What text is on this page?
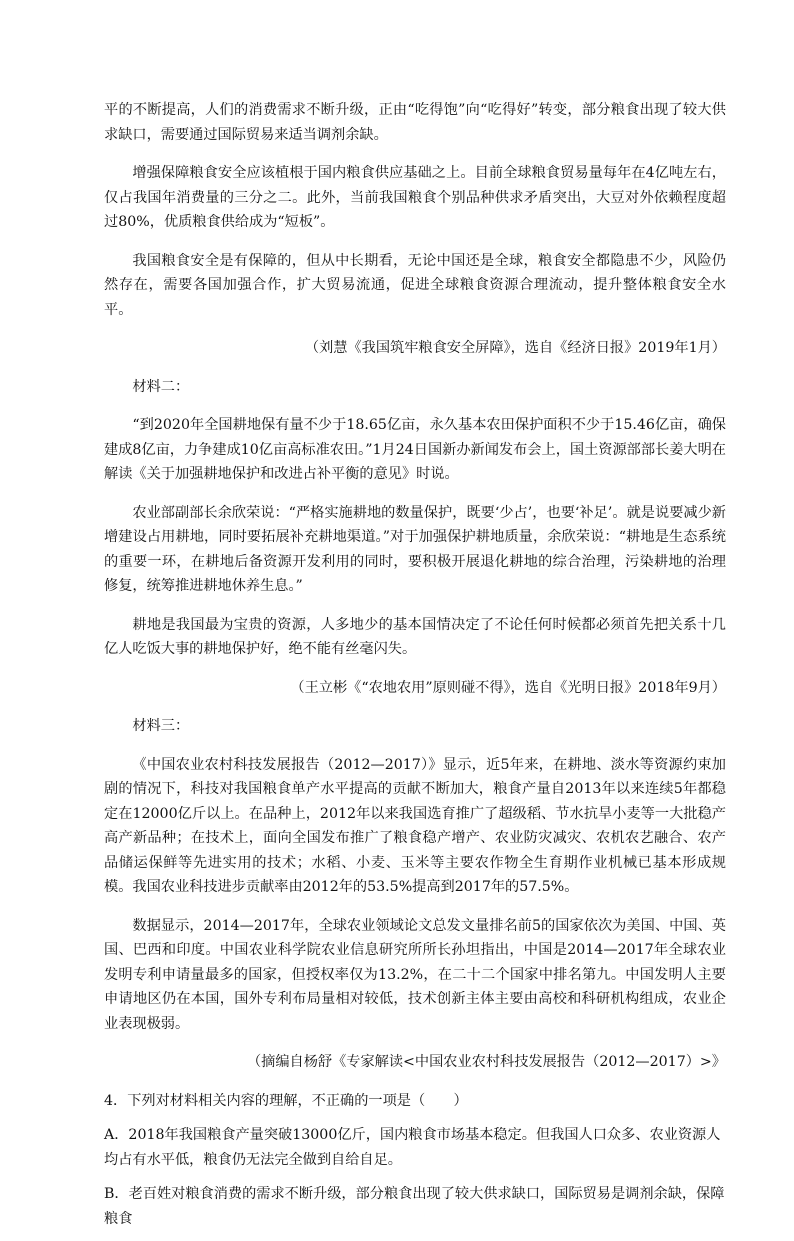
平的不断提高，人们的消费需求不断升级，正由“吃得饱”向“吃得好”转变，部分粮食出现了较大供求缺口，需要通过国际贸易来适当调剂余缺。

增强保障粮食安全应该植根于国内粮食供应基础之上。目前全球粮食贸易量每年在4亿吨左右，仅占我国年消费量的三分之二。此外，当前我国粮食个别品种供求矛盾突出，大豆对外依赖程度超过80%，优质粮食供给成为“短板”。

我国粮食安全是有保障的，但从中长期看，无论中国还是全球，粮食安全都隐患不少，风险仍然存在，需要各国加强合作，扩大贸易流通，促进全球粮食资源合理流动，提升整体粮食安全水平。

（刘慧《我国筑牢粮食安全屏障》，选自《经济日报》2019年1月）
材料二：

“到2020年全国耕地保有量不少于18.65亿亩，永久基本农田保护面积不少于15.46亿亩，确保建成8亿亩，力争建成10亿亩高标准农田。”1月24日国新办新闻发布会上，国土资源部部长姜大明在解读《关于加强耕地保护和改进占补平衡的意见》时说。

农业部副部长余欣荣说：“严格实施耕地的数量保护，既要‘少占’，也要‘补足’。就是说要减少新增建设占用耕地，同时要拓展补充耕地渠道。”对于加强保护耕地质量，余欣荣说：“耕地是生态系统的重要一环，在耕地后备资源开发利用的同时，要积极开展退化耕地的综合治理，污染耕地的治理修复，统筹推进耕地休养生息。”

耕地是我国最为宝贵的资源，人多地少的基本国情决定了不论任何时候都必须首先把关系十几亿人吃饭大事的耕地保护好，绝不能有丝毫闪失。

（王立彬《“农地农用”原则碰不得》，选自《光明日报》2018年9月）
材料三：

《中国农业农村科技发展报告（2012—2017）》显示，近5年来，在耕地、淡水等资源约束加剧的情况下，科技对我国粮食单产水平提高的贡献不断加大，粮食产量自2013年以来连续5年都稳定在12000亿斤以上。在品种上，2012年以来我国选育推广了超级稻、节水抗旱小麦等一大批稳产高产新品种；在技术上，面向全国发布推广了粮食稳产增产、农业防灾减灾、农机农艺融合、农产品储运保鲜等先进实用的技术；水稻、小麦、玉米等主要农作物全生育期作业机械已基本形成规模。我国农业科技进步贡献率由2012年的53.5%提高到2017年的57.5%。

数据显示，2014—2017年，全球农业领域论文总发文量排名前5的国家依次为美国、中国、英国、巴西和印度。中国农业科学院农业信息研究所所长孙坦指出，中国是2014—2017年全球农业发明专利申请量最多的国家，但授权率仅为13.2%，在二十二个国家中排名第九。中国发明人主要申请地区仍在本国，国外专利布局量相对较低，技术创新主体主要由高校和科研机构组成，农业企业表现极弱。

（摘编自杨舒《专家解读<中国农业农村科技发展报告（2012—2017）>》
4．下列对材料相关内容的理解，不正确的一项是（　　）
A．2018年我国粮食产量突破13000亿斤，国内粮食市场基本稳定。但我国人口众多、农业资源人均占有水平低，粮食仍无法完全做到自给自足。
B．老百姓对粮食消费的需求不断升级，部分粮食出现了较大供求缺口，国际贸易是调剂余缺，保障粮食
